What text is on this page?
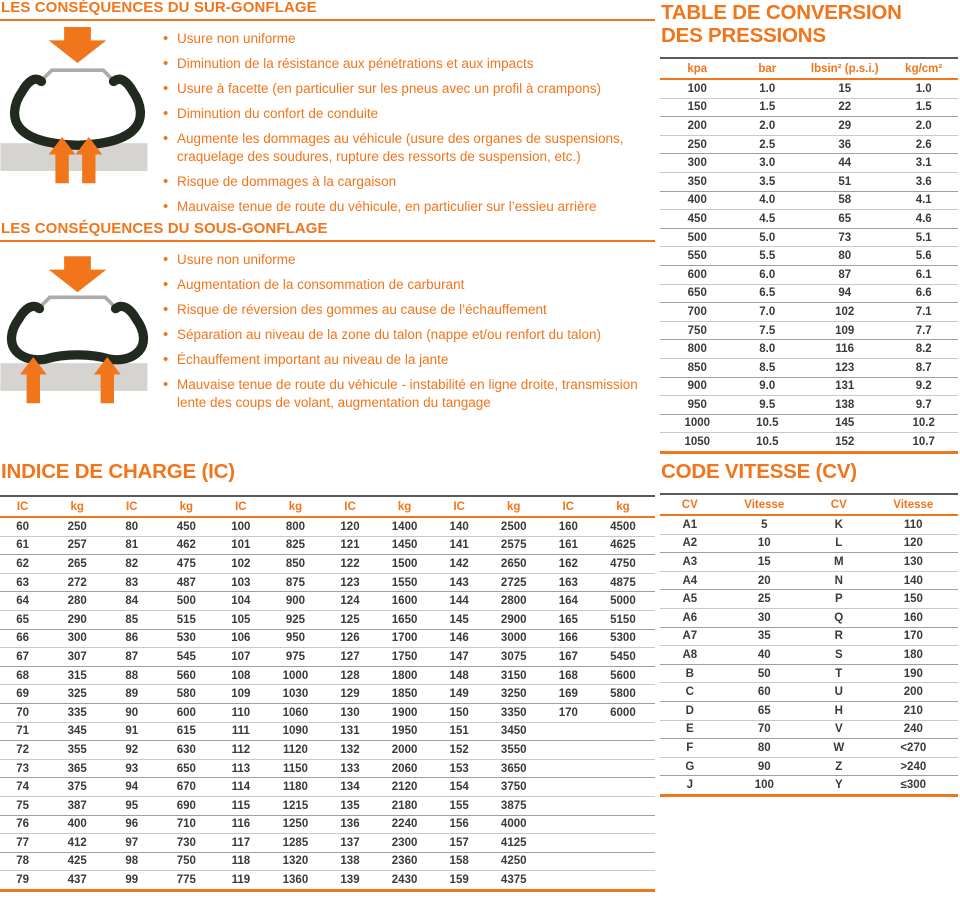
LES CONSÉQUENCES DU SUR-GONFLAGE
• Usure non uniforme
• Diminution de la résistance aux pénétrations et aux impacts
• Usure à facette (en particulier sur les pneus avec un profil à crampons)
• Diminution du confort de conduite
• Augmente les dommages au véhicule (usure des organes de suspensions, craquelage des soudures, rupture des ressorts de suspension, etc.)
• Risque de dommages à la cargaison
• Mauvaise tenue de route du véhicule, en particulier sur l’essieu arrière
LES CONSÉQUENCES DU SOUS-GONFLAGE
• Usure non uniforme
• Augmentation de la consommation de carburant
• Risque de réversion des gommes au cause de l’échauffement
• Séparation au niveau de la zone du talon (nappe et/ou renfort du talon)
• Échauffement important au niveau de la jante
• Mauvaise tenue de route du véhicule - instabilité en ligne droite, transmission lente des coups de volant, augmentation du tangage
TABLE DE CONVERSION
DES PRESSIONS
kpa	bar	lbsin² (p.s.i.)	kg/cm²
100	1.0	15	1.0
150	1.5	22	1.5
200	2.0	29	2.0
250	2.5	36	2.6
300	3.0	44	3.1
350	3.5	51	3.6
400	4.0	58	4.1
450	4.5	65	4.6
500	5.0	73	5.1
550	5.5	80	5.6
600	6.0	87	6.1
650	6.5	94	6.6
700	7.0	102	7.1
750	7.5	109	7.7
800	8.0	116	8.2
850	8.5	123	8.7
900	9.0	131	9.2
950	9.5	138	9.7
1000	10.5	145	10.2
1050	10.5	152	10.7
INDICE DE CHARGE (IC)
IC	kg	IC	kg	IC	kg	IC	kg	IC	kg	IC	kg
60	250	80	450	100	800	120	1400	140	2500	160	4500
61	257	81	462	101	825	121	1450	141	2575	161	4625
62	265	82	475	102	850	122	1500	142	2650	162	4750
63	272	83	487	103	875	123	1550	143	2725	163	4875
64	280	84	500	104	900	124	1600	144	2800	164	5000
65	290	85	515	105	925	125	1650	145	2900	165	5150
66	300	86	530	106	950	126	1700	146	3000	166	5300
67	307	87	545	107	975	127	1750	147	3075	167	5450
68	315	88	560	108	1000	128	1800	148	3150	168	5600
69	325	89	580	109	1030	129	1850	149	3250	169	5800
70	335	90	600	110	1060	130	1900	150	3350	170	6000
71	345	91	615	111	1090	131	1950	151	3450		
72	355	92	630	112	1120	132	2000	152	3550		
73	365	93	650	113	1150	133	2060	153	3650		
74	375	94	670	114	1180	134	2120	154	3750		
75	387	95	690	115	1215	135	2180	155	3875		
76	400	96	710	116	1250	136	2240	156	4000		
77	412	97	730	117	1285	137	2300	157	4125		
78	425	98	750	118	1320	138	2360	158	4250		
79	437	99	775	119	1360	139	2430	159	4375		
CODE VITESSE (CV)
CV	Vitesse	CV	Vitesse
A1	5	K	110
A2	10	L	120
A3	15	M	130
A4	20	N	140
A5	25	P	150
A6	30	Q	160
A7	35	R	170
A8	40	S	180
B	50	T	190
C	60	U	200
D	65	H	210
E	70	V	240
F	80	W	<270
G	90	Z	>240
J	100	Y	≤300
